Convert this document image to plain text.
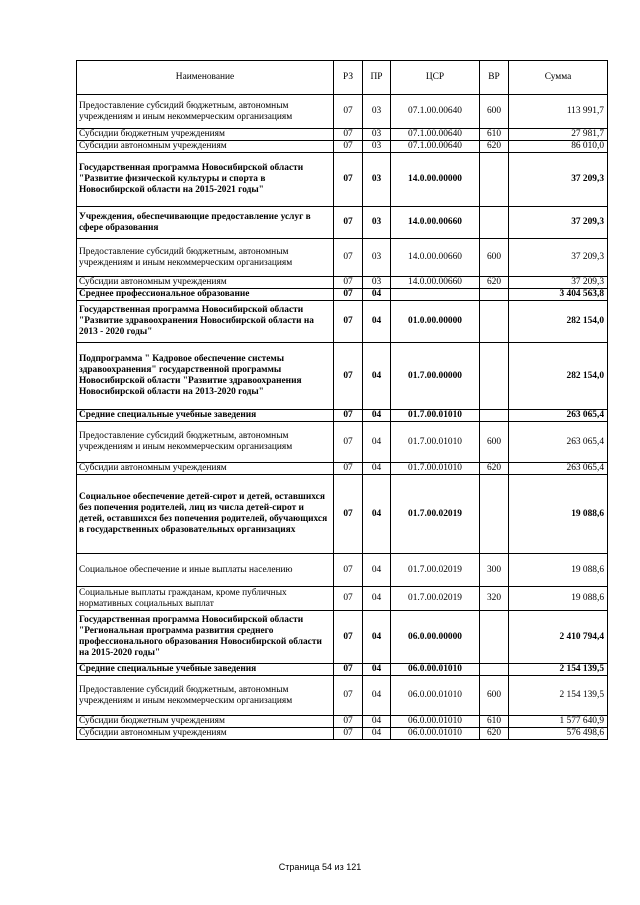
Наименование	РЗ	ПР	ЦСР	ВР	Сумма
Предоставление субсидий бюджетным, автономным учреждениям и иным некоммерческим организациям	07	03	07.1.00.00640	600	113 991,7
Субсидии бюджетным учреждениям	07	03	07.1.00.00640	610	27 981,7
Субсидии автономным учреждениям	07	03	07.1.00.00640	620	86 010,0
Государственная программа Новосибирской области "Развитие физической культуры и спорта в Новосибирской области на 2015-2021 годы"	07	03	14.0.00.00000		37 209,3
Учреждения, обеспечивающие предоставление услуг в сфере образования	07	03	14.0.00.00660		37 209,3
Предоставление субсидий бюджетным, автономным учреждениям и иным некоммерческим организациям	07	03	14.0.00.00660	600	37 209,3
Субсидии автономным учреждениям	07	03	14.0.00.00660	620	37 209,3
Среднее профессиональное образование	07	04			3 404 563,8
Государственная программа Новосибирской области "Развитие здравоохранения Новосибирской области на 2013 - 2020 годы"	07	04	01.0.00.00000		282 154,0
Подпрограмма " Кадровое обеспечение системы здравоохранения" государственной программы Новосибирской области "Развитие здравоохранения Новосибирской области на 2013-2020 годы"	07	04	01.7.00.00000		282 154,0
Средние специальные учебные заведения	07	04	01.7.00.01010		263 065,4
Предоставление субсидий бюджетным, автономным учреждениям и иным некоммерческим организациям	07	04	01.7.00.01010	600	263 065,4
Субсидии автономным учреждениям	07	04	01.7.00.01010	620	263 065,4
Социальное обеспечение детей-сирот и детей, оставшихся без попечения родителей, лиц из числа детей-сирот и детей, оставшихся без попечения родителей, обучающихся в государственных образовательных организациях	07	04	01.7.00.02019		19 088,6
Социальное обеспечение и иные выплаты населению	07	04	01.7.00.02019	300	19 088,6
Социальные выплаты гражданам, кроме публичных нормативных социальных выплат	07	04	01.7.00.02019	320	19 088,6
Государственная программа Новосибирской области "Региональная программа развития среднего профессионального образования Новосибирской области на 2015-2020 годы"	07	04	06.0.00.00000		2 410 794,4
Средние специальные учебные заведения	07	04	06.0.00.01010		2 154 139,5
Предоставление субсидий бюджетным, автономным учреждениям и иным некоммерческим организациям	07	04	06.0.00.01010	600	2 154 139,5
Субсидии бюджетным учреждениям	07	04	06.0.00.01010	610	1 577 640,9
Субсидии автономным учреждениям	07	04	06.0.00.01010	620	576 498,6
Страница 54 из 121
